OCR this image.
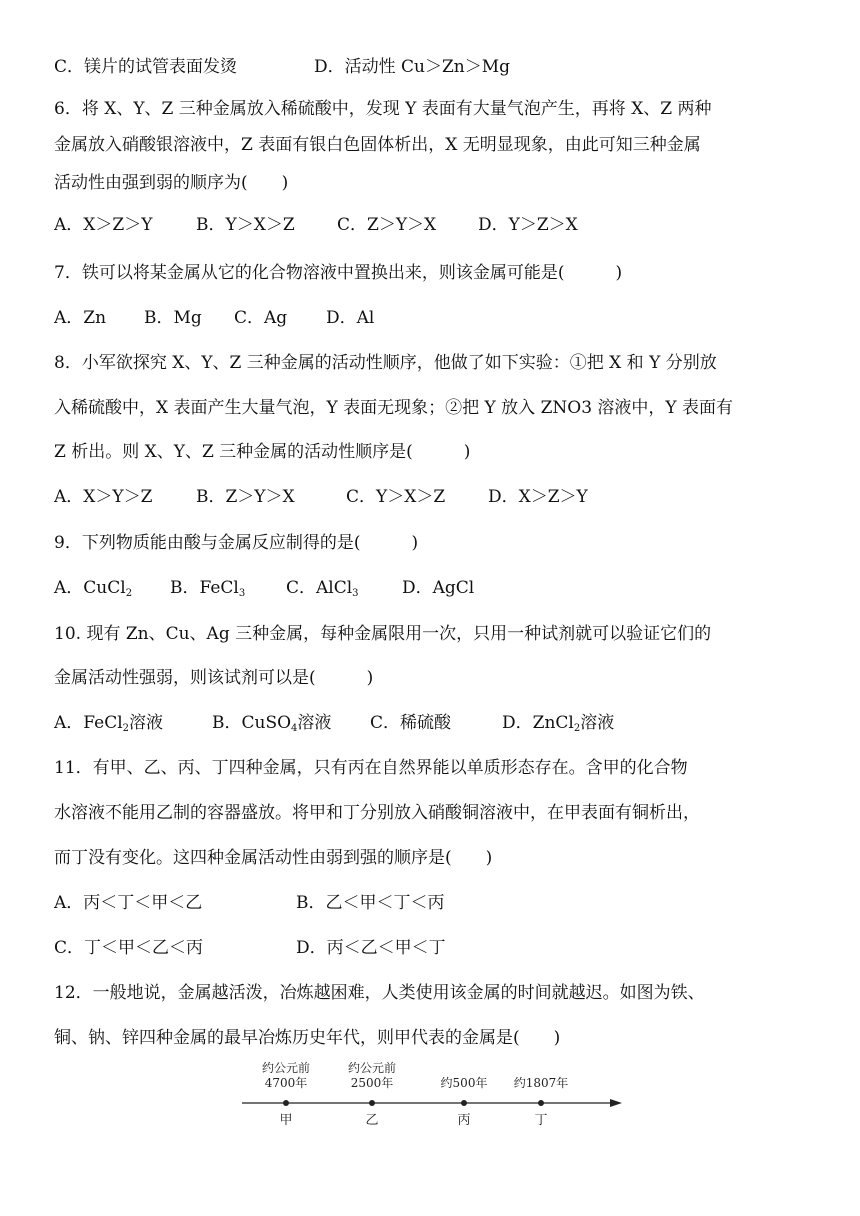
C．镁片的试管表面发烫	D．活动性 Cu＞Zn＞Mg
6．将 X、Y、Z 三种金属放入稀硫酸中，发现 Y 表面有大量气泡产生，再将 X、Z 两种
金属放入硝酸银溶液中，Z 表面有银白色固体析出，X 无明显现象，由此可知三种金属
活动性由强到弱的顺序为(　　)
A．X＞Z＞Y	B．Y＞X＞Z C．Z＞Y＞X D．Y＞Z＞X
7．铁可以将某金属从它的化合物溶液中置换出来，则该金属可能是(　　　)
A．Zn B．Mg C．Ag D．Al
8．小军欲探究 X、Y、Z 三种金属的活动性顺序，他做了如下实验：①把 X 和 Y 分别放
入稀硫酸中，X 表面产生大量气泡，Y 表面无现象；②把 Y 放入 ZNO3 溶液中，Y 表面有
Z 析出。则 X、Y、Z 三种金属的活动性顺序是(　　　)
A．X＞Y＞Z	B．Z＞Y＞X	C．Y＞X＞Z	D．X＞Z＞Y
9．下列物质能由酸与金属反应制得的是(　　　)
A．CuCl$_2$ B．FeCl$_3$ C．AlCl$_3$	D．AgCl
10. 现有 Zn、Cu、Ag 三种金属，每种金属限用一次，只用一种试剂就可以验证它们的
金属活动性强弱，则该试剂可以是(　　　)
A．FeCl$_2$溶液	B．CuSO$_4$溶液 C．稀硫酸	D．ZnCl$_2$溶液
11．有甲、乙、丙、丁四种金属，只有丙在自然界能以单质形态存在。含甲的化合物
水溶液不能用乙制的容器盛放。将甲和丁分别放入硝酸铜溶液中，在甲表面有铜析出，
而丁没有变化。这四种金属活动性由弱到强的顺序是(　　)
A．丙＜丁＜甲＜乙	B．乙＜甲＜丁＜丙
C．丁＜甲＜乙＜丙	D．丙＜乙＜甲＜丁
12．一般地说，金属越活泼，冶炼越困难，人类使用该金属的时间就越迟。如图为铁、
铜、钠、锌四种金属的最早冶炼历史年代，则甲代表的金属是(　　)
约公元前
4700年
甲
约公元前
2500年
乙
约500年
丙
约1807年
丁
